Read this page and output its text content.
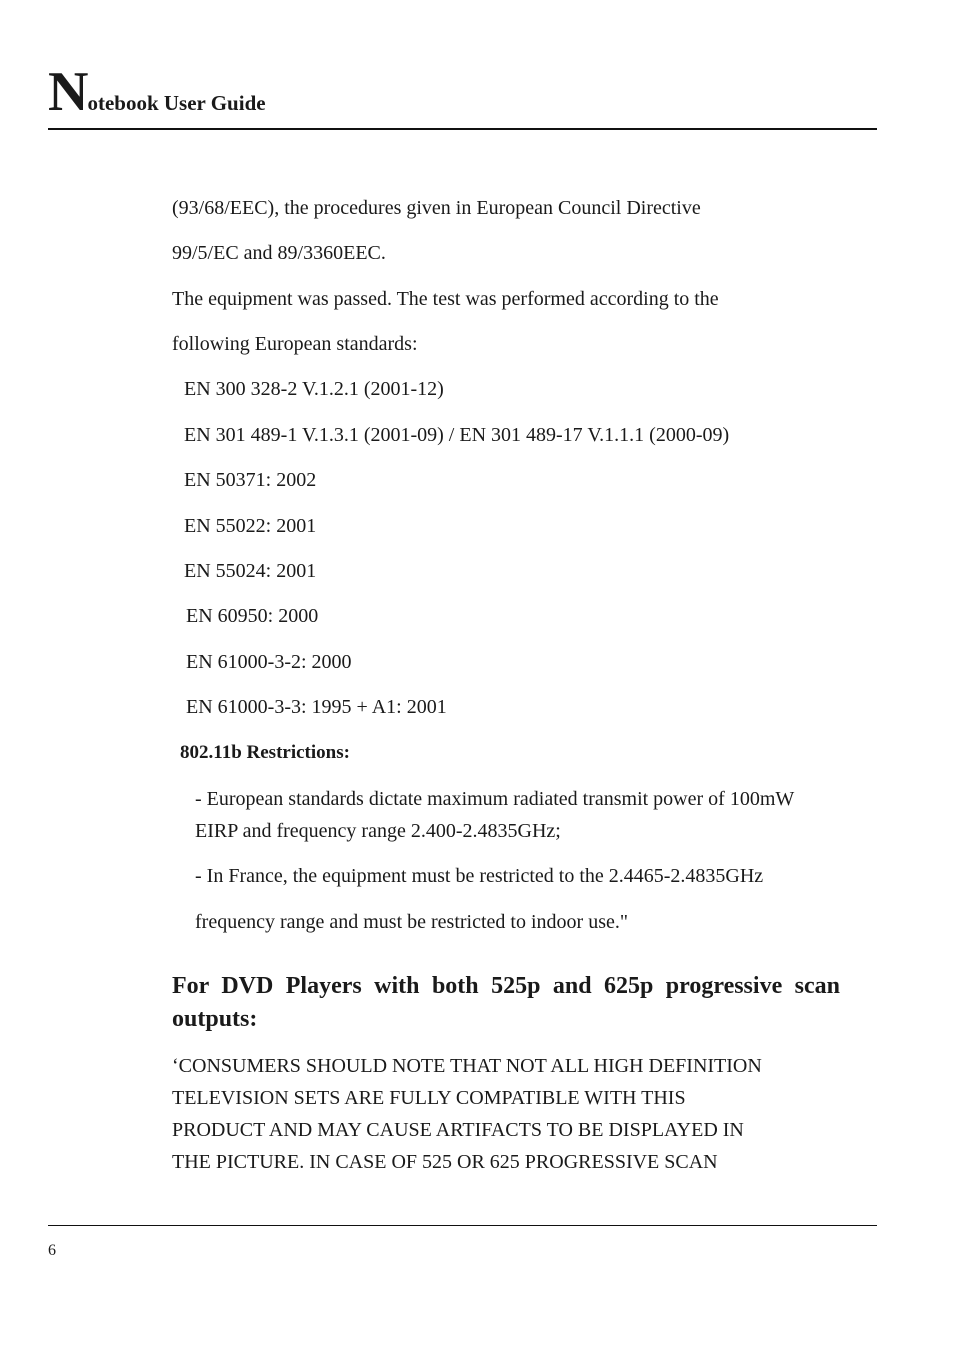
Notebook User Guide
(93/68/EEC), the procedures given in European Council Directive
99/5/EC and 89/3360EEC.
The equipment was passed. The test was performed according to the
following European standards:
EN 300 328-2 V.1.2.1 (2001-12)
EN 301 489-1 V.1.3.1 (2001-09) / EN 301 489-17 V.1.1.1 (2000-09)
EN 50371: 2002
EN 55022: 2001
EN 55024: 2001
EN 60950: 2000
EN 61000-3-2: 2000
EN 61000-3-3: 1995 + A1: 2001
802.11b Restrictions:
- European standards dictate maximum radiated transmit power of 100mW
EIRP and frequency range 2.400-2.4835GHz;
- In France, the equipment must be restricted to the 2.4465-2.4835GHz
frequency range and must be restricted to indoor use."
For DVD Players with both 525p and 625p progressive scan outputs:
‘CONSUMERS SHOULD NOTE THAT NOT ALL HIGH DEFINITION
TELEVISION SETS ARE FULLY COMPATIBLE WITH THIS
PRODUCT AND MAY CAUSE ARTIFACTS TO BE DISPLAYED IN
THE PICTURE. IN CASE OF 525 OR 625 PROGRESSIVE SCAN
6
